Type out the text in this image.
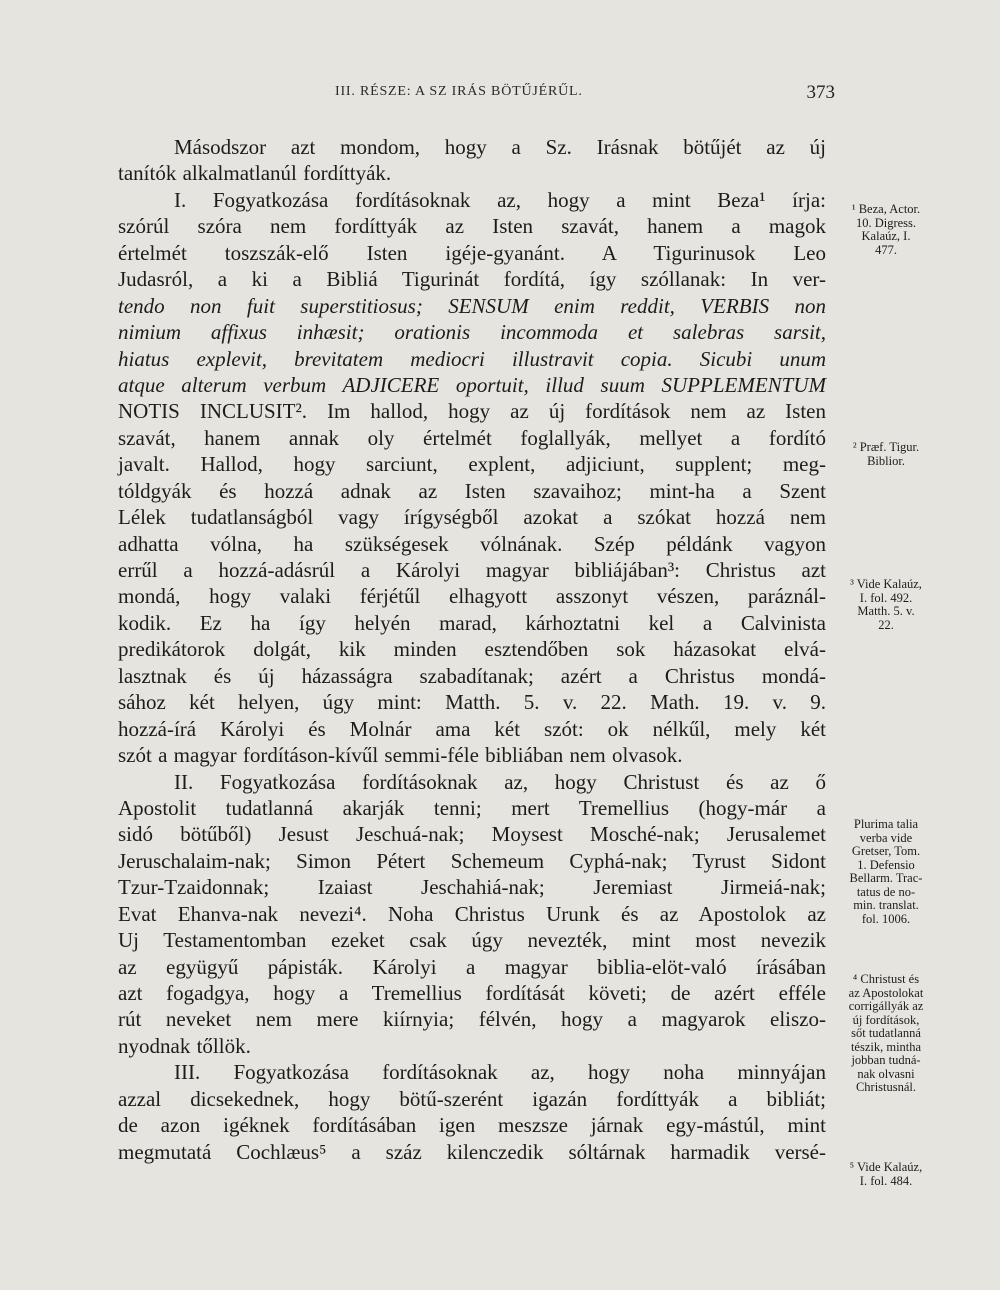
III. RÉSZE: A SZ IRÁS BÖTŰJÉRŰL.	373
Másodszor azt mondom, hogy a Sz. Irásnak bötűjét az új
tanítók alkalmatlanúl fordíttyák.
I. Fogyatkozása fordításoknak az, hogy a mint Beza¹ írja:
szórúl szóra nem fordíttyák az Isten szavát, hanem a magok
értelmét toszszák-elő Isten igéje-gyanánt. A Tigurinusok Leo
Judasról, a ki a Bibliá Tigurinát fordítá, így szóllanak: In ver-
tendo non fuit superstitiosus; SENSUM enim reddit, VERBIS non
nimium affixus inhæsit; orationis incommoda et salebras sarsit,
hiatus explevit, brevitatem mediocri illustravit copia. Sicubi unum
atque alterum verbum ADJICERE oportuit, illud suum SUPPLEMENTUM
NOTIS INCLUSIT². Im hallod, hogy az új fordítások nem az Isten
szavát, hanem annak oly értelmét foglallyák, mellyet a fordító
javalt. Hallod, hogy sarciunt, explent, adjiciunt, supplent; meg-
tóldgyák és hozzá adnak az Isten szavaihoz; mint-ha a Szent
Lélek tudatlanságból vagy írígységből azokat a szókat hozzá nem
adhatta vólna, ha szükségesek vólnának. Szép példánk vagyon
errűl a hozzá-adásrúl a Károlyi magyar bibliájában³: Christus azt
mondá, hogy valaki férjétűl elhagyott asszonyt vészen, paráznál-
kodik. Ez ha így helyén marad, kárhoztatni kel a Calvinista
predikátorok dolgát, kik minden esztendőben sok házasokat elvá-
lasztnak és új házasságra szabadítanak; azért a Christus mondá-
sához két helyen, úgy mint: Matth. 5. v. 22. Math. 19. v. 9.
hozzá-írá Károlyi és Molnár ama két szót: ok nélkűl, mely két
szót a magyar fordításon-kívűl semmi-féle bibliában nem olvasok.
II. Fogyatkozása fordításoknak az, hogy Christust és az ő
Apostolit tudatlanná akarják tenni; mert Tremellius (hogy-már a
sidó bötűből) Jesust Jeschuá-nak; Moysest Mosché-nak; Jerusalemet
Jeruschalaim-nak; Simon Pétert Schemeum Cyphá-nak; Tyrust Sidont
Tzur-Tzaidonnak; Izaiast Jeschahiá-nak; Jeremiast Jirmeiá-nak;
Evat Ehanva-nak nevezi⁴. Noha Christus Urunk és az Apostolok az
Uj Testamentomban ezeket csak úgy nevezték, mint most nevezik
az együgyű pápisták. Károlyi a magyar biblia-elöt-való írásában
azt fogadgya, hogy a Tremellius fordítását követi; de azért efféle
rút neveket nem mere kiírnyia; félvén, hogy a magyarok eliszo-
nyodnak tőllök.
III. Fogyatkozása fordításoknak az, hogy noha minnyájan
azzal dicsekednek, hogy bötű-szerént igazán fordíttyák a bibliát;
de azon igéknek fordításában igen meszsze járnak egy-mástúl, mint
megmutatá Cochlæus⁵ a száz kilenczedik sóltárnak harmadik versé-
¹ Beza, Actor.
10. Digress.
Kalaúz, I.
477.
² Præf. Tigur.
Biblior.
³ Vide Kalaúz,
I. fol. 492.
Matth. 5. v.
22.
Plurima talia
verba vide
Gretser, Tom.
1. Defensio
Bellarm. Trac-
tatus de no-
min. translat.
fol. 1006.
⁴ Christust és
az Apostolokat
corrigállyák az
új fordítások,
sőt tudatlanná
tészik, mintha
jobban tudná-
nak olvasni
Christusnál.
⁵ Vide Kalaúz,
I. fol. 484.
